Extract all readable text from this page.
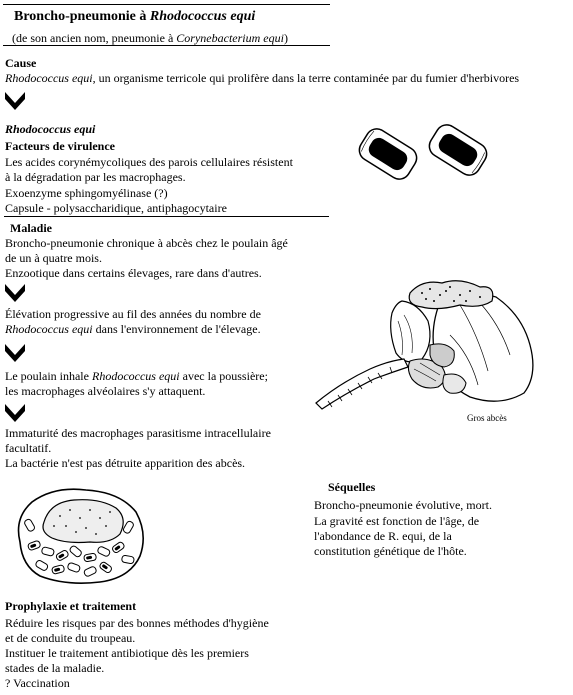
Broncho-pneumonie à Rhodococcus equi
(de son ancien nom, pneumonie à Corynebacterium equi)
Cause
Rhodococcus equi, un organisme terricole qui prolifère dans la terre contaminée par du fumier d'herbivores
Rhodococcus equi
Facteurs de virulence
Les acides corynémycoliques des parois cellulaires résistent
à la dégradation par les macrophages.
Exoenzyme sphingomyélinase (?)
Capsule - polysaccharidique, antiphagocytaire
Maladie
Broncho-pneumonie chronique à abcès chez le poulain âgé
de un à quatre mois.
Enzootique dans certains élevages, rare dans d'autres.
Élévation progressive au fil des années du nombre de
Rhodococcus equi dans l'environnement de l'élevage.
Le poulain inhale Rhodococcus equi avec la poussière;
les macrophages alvéolaires s'y attaquent.
Immaturité des macrophages parasitisme intracellulaire
facultatif.
La bactérie n'est pas détruite apparition des abcès.
Gros abcès
Séquelles
Broncho-pneumonie évolutive, mort.
La gravité est fonction de l'âge, de
l'abondance de R. equi, de la
constitution génétique de l'hôte.
Prophylaxie et traitement
Réduire les risques par des bonnes méthodes d'hygiène
et de conduite du troupeau.
Instituer le traitement antibiotique dès les premiers
stades de la maladie.
? Vaccination
